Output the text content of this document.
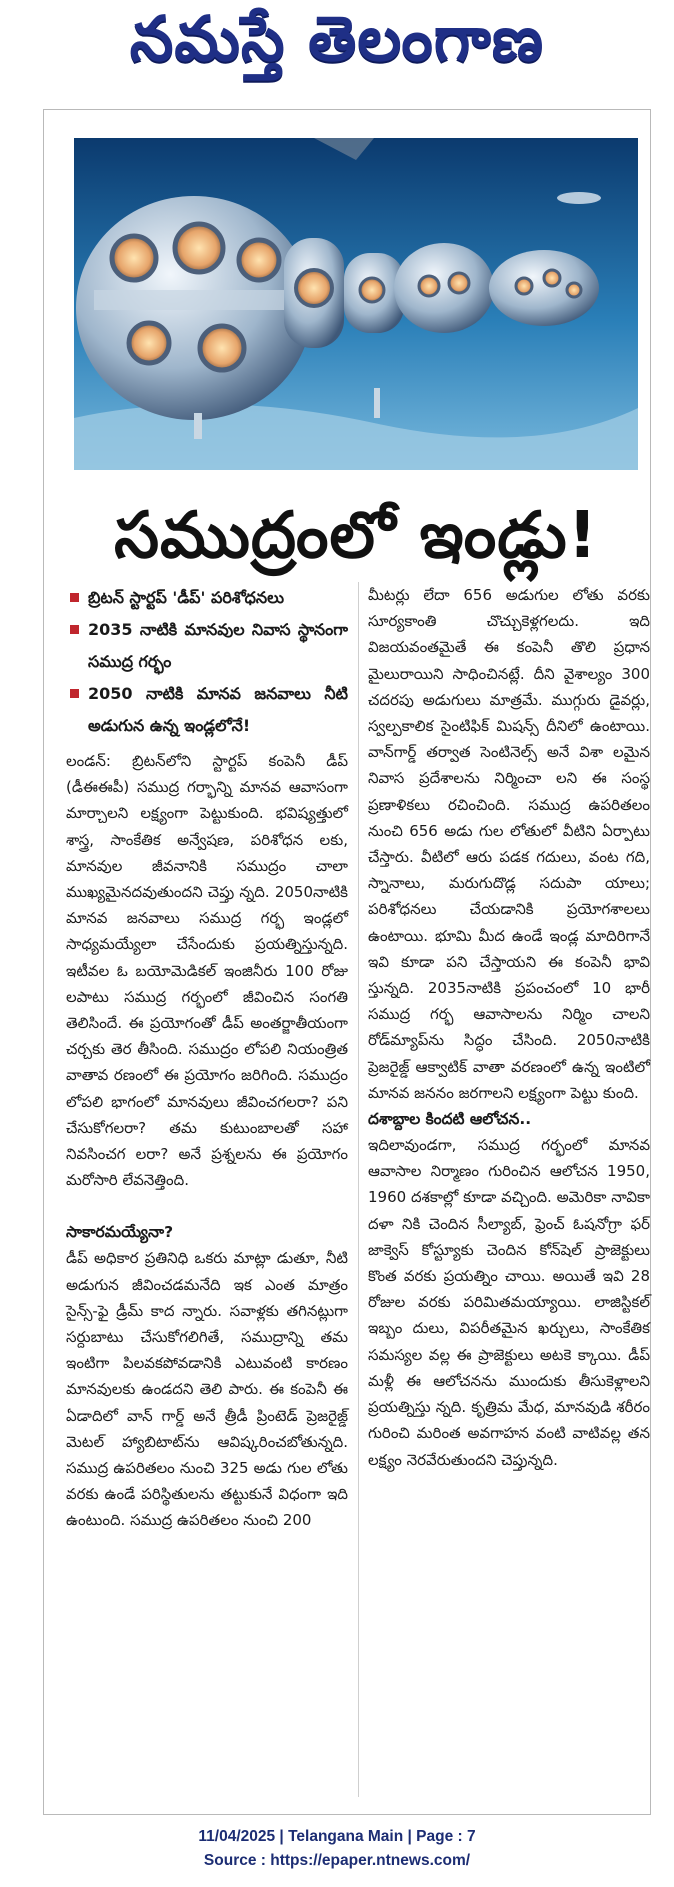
నమస్తే తెలంగాణ
సముద్రంలో ఇండ్లు!
బ్రిటన్ స్టార్టప్ 'డీప్' పరిశోధనలు
2035 నాటికి మానవుల నివాస స్థానంగా సముద్ర గర్భం
2050 నాటికి మానవ జనవాలు నీటి అడుగున ఉన్న ఇండ్లలోనే!

లండన్: బ్రిటన్‌లోని స్టార్టప్ కంపెనీ డీప్ (డీఈఈపీ) సముద్ర గర్భాన్ని మానవ ఆవాసంగా మార్చాలని లక్ష్యంగా పెట్టుకుంది. భవిష్యత్తులో శాస్త్ర, సాంకేతిక అన్వేషణ, పరిశోధన లకు, మానవుల జీవనానికి సముద్రం చాలా ముఖ్యమైనదవుతుందని చెప్తు న్నది. 2050నాటికి మానవ జనవాలు సముద్ర గర్భ ఇండ్లలో సాధ్యమయ్యేలా చేసేందుకు ప్రయత్నిస్తున్నది. ఇటీవల ఓ బయోమెడికల్ ఇంజినీరు 100 రోజు లపాటు సముద్ర గర్భంలో జీవించిన సంగతి తెలిసిందే. ఈ ప్రయోగంతో డీప్ అంతర్జాతీయంగా చర్చకు తెర తీసింది. సముద్రం లోపలి నియంత్రిత వాతావ రణంలో ఈ ప్రయోగం జరిగింది. సముద్రం లోపలి భాగంలో మానవులు జీవించగలరా? పని చేసుకోగలరా? తమ కుటుంబాలతో సహా నివసించగ లరా? అనే ప్రశ్నలను ఈ ప్రయోగం మరోసారి లేవనెత్తింది.

సాకారమయ్యేనా?

డీప్ అధికార ప్రతినిధి ఒకరు మాట్లా డుతూ, నీటి అడుగున జీవించడమనేది ఇక ఎంత మాత్రం సైన్స్-ఫై డ్రీమ్ కాద న్నారు. సవాళ్లకు తగినట్లుగా సర్దుబాటు చేసుకోగలిగితే, సముద్రాన్ని తమ ఇంటిగా పిలవకపోవడానికి ఎటువంటి కారణం మానవులకు ఉండదని తెలి పారు. ఈ కంపెనీ ఈ ఏడాదిలో వాన్ గార్డ్ అనే త్రీడీ ప్రింటెడ్ ప్రెజరైజ్డ్ మెటల్ హ్యాబిటాట్‌ను ఆవిష్కరించబోతున్నది. సముద్ర ఉపరితలం నుంచి 325 అడు గుల లోతు వరకు ఉండే పరిస్థితులను తట్టుకునే విధంగా ఇది ఉంటుంది. సముద్ర ఉపరితలం నుంచి 200

మీటర్లు లేదా 656 అడుగుల లోతు వరకు సూర్యకాంతి చొచ్చుకెళ్లగలదు. ఇది విజయవంతమైతే ఈ కంపెనీ తొలి ప్రధాన మైలురాయిని సాధించినట్లే. దీని వైశాల్యం 300 చదరపు అడుగులు మాత్రమే. ముగ్గురు డైవర్లు, స్వల్పకాలిక సైంటిఫిక్ మిషన్స్ దీనిలో ఉంటాయి. వాన్‌గార్డ్ తర్వాత సెంటినెల్స్ అనే విశా లమైన నివాస ప్రదేశాలను నిర్మించా లని ఈ సంస్థ ప్రణాళికలు రచించింది. సముద్ర ఉపరితలం నుంచి 656 అడు గుల లోతులో వీటిని ఏర్పాటు చేస్తారు. వీటిలో ఆరు పడక గదులు, వంట గది, స్నానాలు, మరుగుదొడ్ల సదుపా యాలు; పరిశోధనలు చేయడానికి ప్రయోగశాలలు ఉంటాయి. భూమి మీద ఉండే ఇండ్ల మాదిరిగానే ఇవి కూడా పని చేస్తాయని ఈ కంపెనీ భావి స్తున్నది. 2035నాటికి ప్రపంచంలో 10 భారీ సముద్ర గర్భ ఆవాసాలను నిర్మిం చాలని రోడ్‌మ్యాప్‌ను సిద్ధం చేసింది. 2050నాటికి ప్రెజరైజ్డ్ ఆక్వాటిక్ వాతా వరణంలో ఉన్న ఇంటిలో మానవ జననం జరగాలని లక్ష్యంగా పెట్టు కుంది.

దశాబ్దాల కిందటి ఆలోచన..

ఇదిలావుండగా, సముద్ర గర్భంలో మానవ ఆవాసాల నిర్మాణం గురించిన ఆలోచన 1950, 1960 దశకాల్లో కూడా వచ్చింది. అమెరికా నావికా దళా నికి చెందిన సీల్యాబ్, ఫ్రెంచ్ ఓషనోగ్రా ఫర్ జాక్వెస్ కోస్ట్యూకు చెందిన కోన్‌షెల్ ప్రాజెక్టులు కొంత వరకు ప్రయత్నిం చాయి. అయితే ఇవి 28 రోజుల వరకు పరిమితమయ్యాయి. లాజిస్టికల్ ఇబ్బం దులు, విపరీతమైన ఖర్చులు, సాంకేతిక సమస్యల వల్ల ఈ ప్రాజెక్టులు అటకె క్కాయి. డీప్ మళ్లీ ఈ ఆలోచనను ముందుకు తీసుకెళ్లాలని ప్రయత్నిస్తు న్నది. కృత్రిమ మేధ, మానవుడి శరీరం గురించి మరింత అవగాహన వంటి వాటివల్ల తన లక్ష్యం నెరవేరుతుందని చెప్తున్నది.

11/04/2025 | Telangana Main | Page : 7
Source : https://epaper.ntnews.com/
